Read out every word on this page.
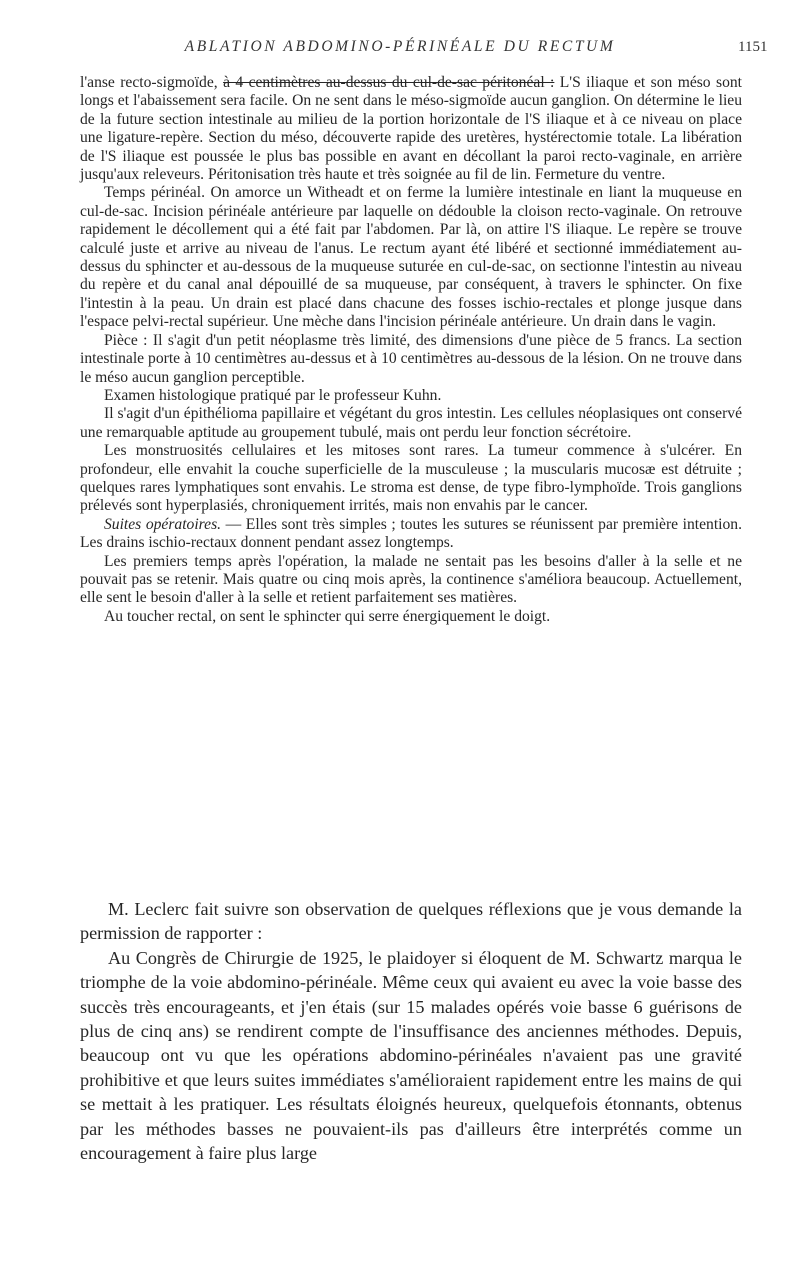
ABLATION ABDOMINO-PÉRINÉALE DU RECTUM	1151

l'anse recto-sigmoïde, à 4 centimètres au-dessus du cul-de-sac péritonéal : L'S iliaque et son méso sont longs et l'abaissement sera facile. On ne sent dans le méso-sigmoïde aucun ganglion. On détermine le lieu de la future section intestinale au milieu de la portion horizontale de l'S iliaque et à ce niveau on place une ligature-repère. Section du méso, découverte rapide des uretères, hystérectomie totale. La libération de l'S iliaque est poussée le plus bas possible en avant en décollant la paroi recto-vaginale, en arrière jusqu'aux releveurs. Péritonisation très haute et très soignée au fil de lin. Fermeture du ventre.

Temps périnéal. On amorce un Witheadt et on ferme la lumière intestinale en liant la muqueuse en cul-de-sac. Incision périnéale antérieure par laquelle on dédouble la cloison recto-vaginale. On retrouve rapidement le décollement qui a été fait par l'abdomen. Par là, on attire l'S iliaque. Le repère se trouve calculé juste et arrive au niveau de l'anus. Le rectum ayant été libéré et sectionné immédiatement au-dessus du sphincter et au-dessous de la muqueuse suturée en cul-de-sac, on sectionne l'intestin au niveau du repère et du canal anal dépouillé de sa muqueuse, par conséquent, à travers le sphincter. On fixe l'intestin à la peau. Un drain est placé dans chacune des fosses ischio-rectales et plonge jusque dans l'espace pelvi-rectal supérieur. Une mèche dans l'incision périnéale antérieure. Un drain dans le vagin.

Pièce : Il s'agit d'un petit néoplasme très limité, des dimensions d'une pièce de 5 francs. La section intestinale porte à 10 centimètres au-dessus et à 10 centimètres au-dessous de la lésion. On ne trouve dans le méso aucun ganglion perceptible.

Examen histologique pratiqué par le professeur Kuhn.

Il s'agit d'un épithélioma papillaire et végétant du gros intestin. Les cellules néoplasiques ont conservé une remarquable aptitude au groupement tubulé, mais ont perdu leur fonction sécrétoire.

Les monstruosités cellulaires et les mitoses sont rares. La tumeur commence à s'ulcérer. En profondeur, elle envahit la couche superficielle de la musculeuse ; la muscularis mucosæ est détruite ; quelques rares lymphatiques sont envahis. Le stroma est dense, de type fibro-lymphoïde. Trois ganglions prélevés sont hyperplasiés, chroniquement irrités, mais non envahis par le cancer.

Suites opératoires. — Elles sont très simples ; toutes les sutures se réunissent par première intention. Les drains ischio-rectaux donnent pendant assez longtemps.

Les premiers temps après l'opération, la malade ne sentait pas les besoins d'aller à la selle et ne pouvait pas se retenir. Mais quatre ou cinq mois après, la continence s'améliora beaucoup. Actuellement, elle sent le besoin d'aller à la selle et retient parfaitement ses matières.

Au toucher rectal, on sent le sphincter qui serre énergiquement le doigt.

M. Leclerc fait suivre son observation de quelques réflexions que je vous demande la permission de rapporter :

Au Congrès de Chirurgie de 1925, le plaidoyer si éloquent de M. Schwartz marqua le triomphe de la voie abdomino-périnéale. Même ceux qui avaient eu avec la voie basse des succès très encourageants, et j'en étais (sur 15 malades opérés voie basse 6 guérisons de plus de cinq ans) se rendirent compte de l'insuffisance des anciennes méthodes. Depuis, beaucoup ont vu que les opérations abdomino-périnéales n'avaient pas une gravité prohibitive et que leurs suites immédiates s'amélioraient rapidement entre les mains de qui se mettait à les pratiquer. Les résultats éloignés heureux, quelquefois étonnants, obtenus par les méthodes basses ne pouvaient-ils pas d'ailleurs être interprétés comme un encouragement à faire plus large
